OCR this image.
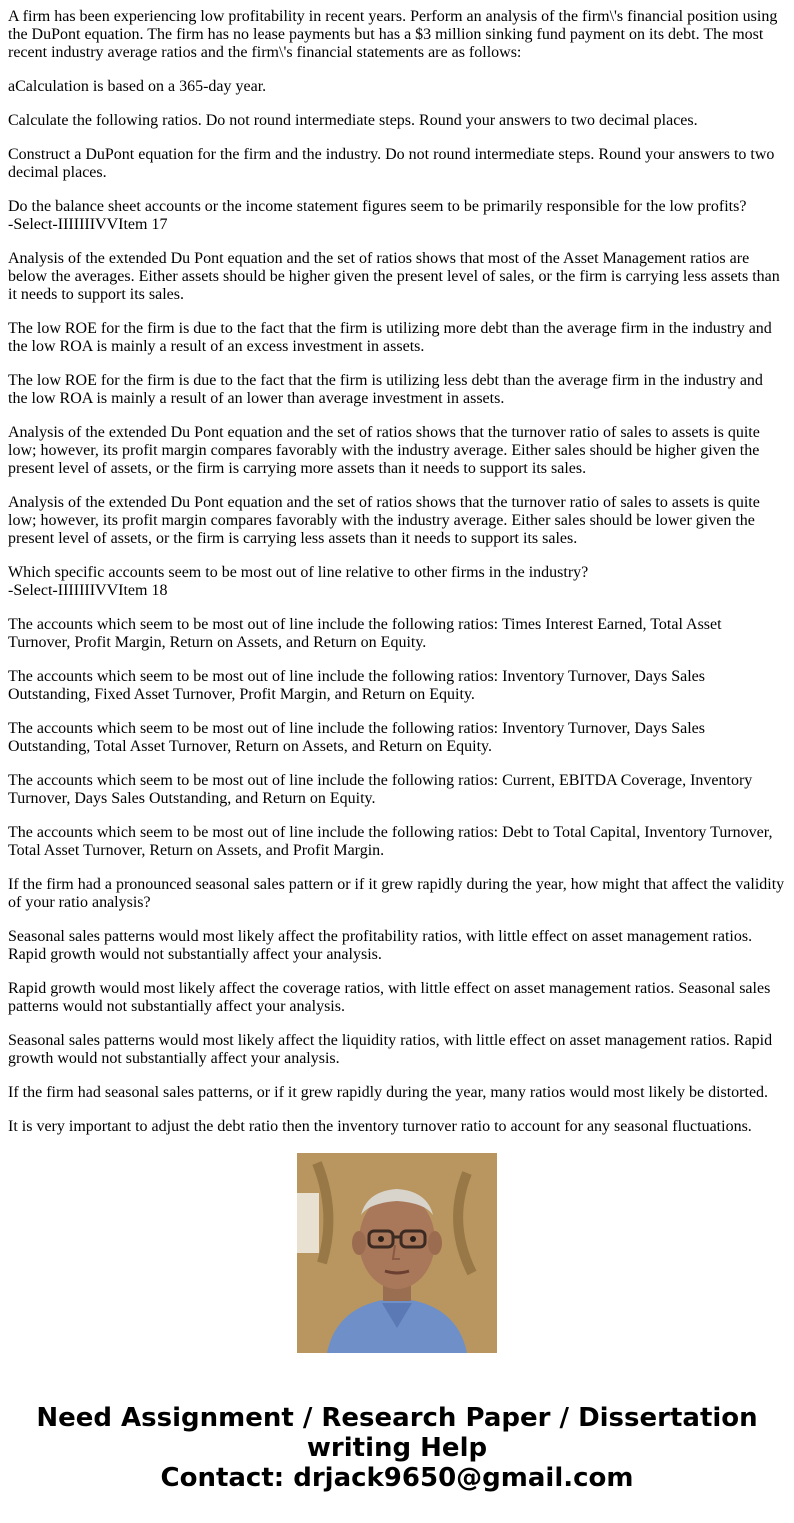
A firm has been experiencing low profitability in recent years. Perform an analysis of the firm\'s financial position using the DuPont equation. The firm has no lease payments but has a $3 million sinking fund payment on its debt. The most recent industry average ratios and the firm\'s financial statements are as follows:

aCalculation is based on a 365-day year.

Calculate the following ratios. Do not round intermediate steps. Round your answers to two decimal places.

Construct a DuPont equation for the firm and the industry. Do not round intermediate steps. Round your answers to two decimal places.

Do the balance sheet accounts or the income statement figures seem to be primarily responsible for the low profits?
-Select-IIIIIIIVVItem 17

Analysis of the extended Du Pont equation and the set of ratios shows that most of the Asset Management ratios are below the averages. Either assets should be higher given the present level of sales, or the firm is carrying less assets than it needs to support its sales.

The low ROE for the firm is due to the fact that the firm is utilizing more debt than the average firm in the industry and the low ROA is mainly a result of an excess investment in assets.

The low ROE for the firm is due to the fact that the firm is utilizing less debt than the average firm in the industry and the low ROA is mainly a result of an lower than average investment in assets.

Analysis of the extended Du Pont equation and the set of ratios shows that the turnover ratio of sales to assets is quite low; however, its profit margin compares favorably with the industry average. Either sales should be higher given the present level of assets, or the firm is carrying more assets than it needs to support its sales.

Analysis of the extended Du Pont equation and the set of ratios shows that the turnover ratio of sales to assets is quite low; however, its profit margin compares favorably with the industry average. Either sales should be lower given the present level of assets, or the firm is carrying less assets than it needs to support its sales.

Which specific accounts seem to be most out of line relative to other firms in the industry?
-Select-IIIIIIIVVItem 18

The accounts which seem to be most out of line include the following ratios: Times Interest Earned, Total Asset Turnover, Profit Margin, Return on Assets, and Return on Equity.

The accounts which seem to be most out of line include the following ratios: Inventory Turnover, Days Sales Outstanding, Fixed Asset Turnover, Profit Margin, and Return on Equity.

The accounts which seem to be most out of line include the following ratios: Inventory Turnover, Days Sales Outstanding, Total Asset Turnover, Return on Assets, and Return on Equity.

The accounts which seem to be most out of line include the following ratios: Current, EBITDA Coverage, Inventory Turnover, Days Sales Outstanding, and Return on Equity.

The accounts which seem to be most out of line include the following ratios: Debt to Total Capital, Inventory Turnover, Total Asset Turnover, Return on Assets, and Profit Margin.

If the firm had a pronounced seasonal sales pattern or if it grew rapidly during the year, how might that affect the validity of your ratio analysis?

Seasonal sales patterns would most likely affect the profitability ratios, with little effect on asset management ratios. Rapid growth would not substantially affect your analysis.

Rapid growth would most likely affect the coverage ratios, with little effect on asset management ratios. Seasonal sales patterns would not substantially affect your analysis.

Seasonal sales patterns would most likely affect the liquidity ratios, with little effect on asset management ratios. Rapid growth would not substantially affect your analysis.

If the firm had seasonal sales patterns, or if it grew rapidly during the year, many ratios would most likely be distorted.

It is very important to adjust the debt ratio then the inventory turnover ratio to account for any seasonal fluctuations.

Need Assignment / Research Paper / Dissertation
writing Help
Contact: drjack9650@gmail.com
